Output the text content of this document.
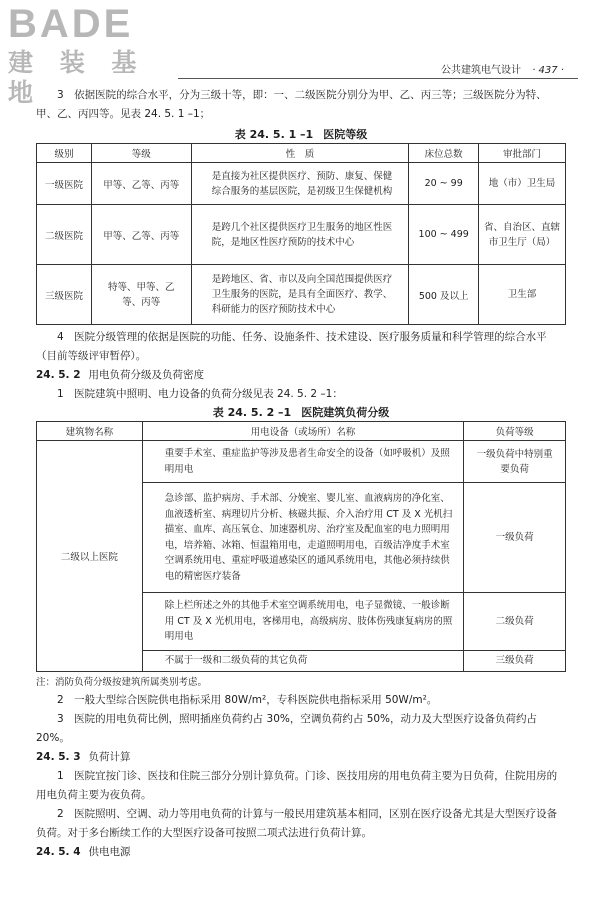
BADE
建 装 基 地
公共建筑电气设计 · 437 ·

3　依据医院的综合水平，分为三级十等，即：一、二级医院分别分为甲、乙、丙三等；三级医院分为特、甲、乙、丙四等。见表 24. 5. 1 –1；

表 24. 5. 1 –1 医院等级

级别	等级	性　质	床位总数	审批部门
一级医院	甲等、乙等、丙等	是直接为社区提供医疗、预防、康复、保健综合服务的基层医院，是初级卫生保健机构	20 ~ 99	地（市）卫生局
二级医院	甲等、乙等、丙等	是跨几个社区提供医疗卫生服务的地区性医院，是地区性医疗预防的技术中心	100 ~ 499	省、自治区、直辖市卫生厅（局）
三级医院	特等、甲等、乙等、丙等	是跨地区、省、市以及向全国范围提供医疗卫生服务的医院，是具有全面医疗、教学、科研能力的医疗预防技术中心	500 及以上	卫生部

4　医院分级管理的依据是医院的功能、任务、设施条件、技术建设、医疗服务质量和科学管理的综合水平（目前等级评审暂停）。

24. 5. 2 用电负荷分级及负荷密度

1　医院建筑中照明、电力设备的负荷分级见表 24. 5. 2 –1：

表 24. 5. 2 –1 医院建筑负荷分级

建筑物名称	用电设备（或场所）名称	负荷等级
二级以上医院	重要手术室、重症监护等涉及患者生命安全的设备（如呼吸机）及照明用电	一级负荷中特别重要负荷
	急诊部、监护病房、手术部、分娩室、婴儿室、血液病房的净化室、血液透析室、病理切片分析、核磁共振、介入治疗用 CT 及 X 光机扫描室、血库、高压氧仓、加速器机房、治疗室及配血室的电力照明用电，培养箱、冰箱、恒温箱用电，走道照明用电，百级洁净度手术室空调系统用电、重症呼吸道感染区的通风系统用电，其他必须持续供电的精密医疗装备	一级负荷
	除上栏所述之外的其他手术室空调系统用电，电子显微镜、一般诊断用 CT 及 X 光机用电，客梯用电，高级病房、肢体伤残康复病房的照明用电	二级负荷
	不属于一级和二级负荷的其它负荷	三级负荷

注：消防负荷分级按建筑所属类别考虑。

2　一般大型综合医院供电指标采用 80W/m²，专科医院供电指标采用 50W/m²。

3　医院的用电负荷比例，照明插座负荷约占 30%，空调负荷约占 50%，动力及大型医疗设备负荷约占 20%。

24. 5. 3 负荷计算

1　医院宜按门诊、医技和住院三部分分别计算负荷。门诊、医技用房的用电负荷主要为日负荷，住院用房的用电负荷主要为夜负荷。

2　医院照明、空调、动力等用电负荷的计算与一般民用建筑基本相同，区别在医疗设备尤其是大型医疗设备负荷。对于多台断续工作的大型医疗设备可按照二项式法进行负荷计算。

24. 5. 4 供电电源
